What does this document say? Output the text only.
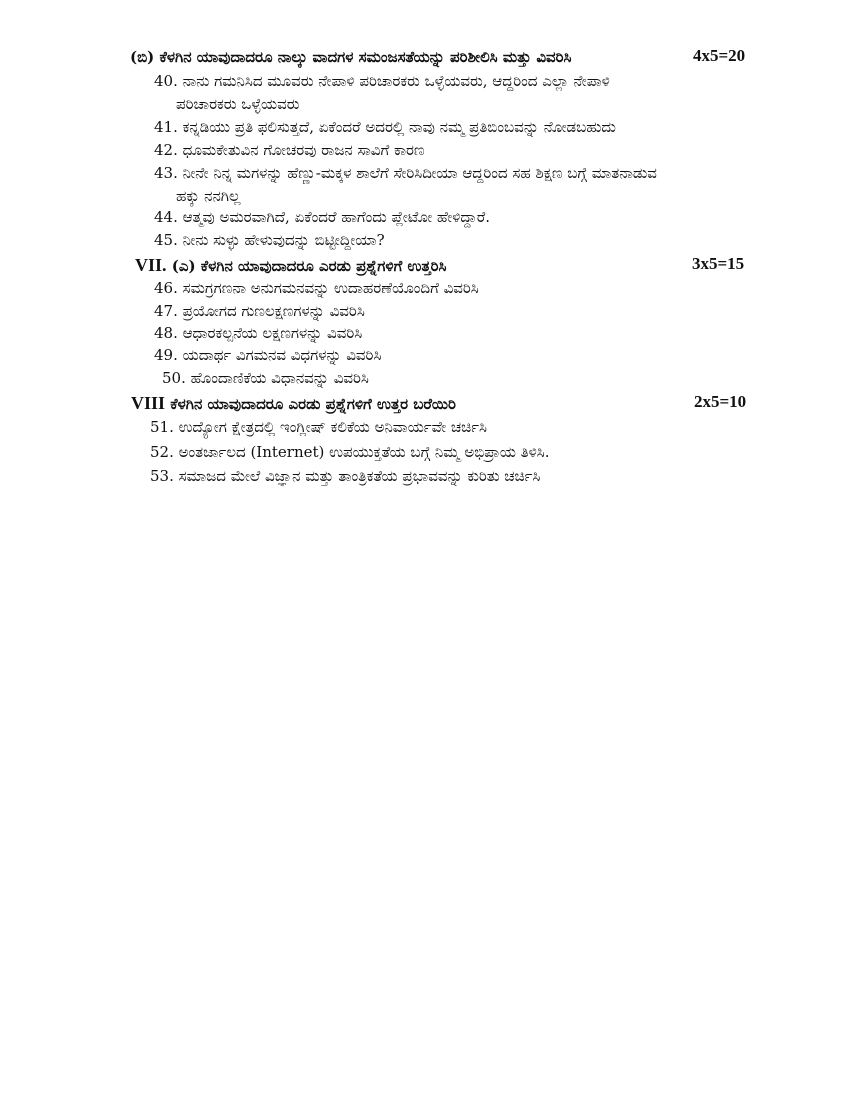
(ಬಿ) ಕೆಳಗಿನ ಯಾವುದಾದರೂ ನಾಲ್ಕು ವಾದಗಳ ಸಮಂಜಸತೆಯನ್ನು ಪರಿಶೀಲಿಸಿ ಮತ್ತು ವಿವರಿಸಿ	4x5=20
40. ನಾನು ಗಮನಿಸಿದ ಮೂವರು ನೇಪಾಳಿ ಪರಿಚಾರಕರು ಒಳ್ಳೆಯವರು, ಆದ್ದರಿಂದ ಎಲ್ಲಾ ನೇಪಾಳಿ
ಪರಿಚಾರಕರು ಒಳ್ಳೆಯವರು
41. ಕನ್ನಡಿಯು ಪ್ರತಿ ಫಲಿಸುತ್ತದೆ, ಏಕೆಂದರೆ ಅದರಲ್ಲಿ ನಾವು ನಮ್ಮ ಪ್ರತಿಬಿಂಬವನ್ನು ನೋಡಬಹುದು
42. ಧೂಮಕೇತುವಿನ ಗೋಚರವು ರಾಜನ ಸಾವಿಗೆ ಕಾರಣ
43. ನೀನೇ ನಿನ್ನ ಮಗಳನ್ನು ಹೆಣ್ಣು-ಮಕ್ಕಳ ಶಾಲೆಗೆ ಸೇರಿಸಿದೀಯಾ ಆದ್ದರಿಂದ ಸಹ ಶಿಕ್ಷಣ ಬಗ್ಗೆ ಮಾತನಾಡುವ
ಹಕ್ಕು ನನಗಿಲ್ಲ
44. ಆತ್ಮವು ಅಮರವಾಗಿದೆ, ಏಕೆಂದರೆ ಹಾಗೆಂದು ಪ್ಲೇಟೋ ಹೇಳಿದ್ದಾರೆ.
45. ನೀನು ಸುಳ್ಳು ಹೇಳುವುದನ್ನು ಬಿಟ್ಟೀದ್ದೀಯಾ?
VII. (ಎ) ಕೆಳಗಿನ ಯಾವುದಾದರೂ ಎರಡು ಪ್ರಶ್ನೆಗಳಿಗೆ ಉತ್ತರಿಸಿ	3x5=15
46. ಸಮಗ್ರಗಣನಾ ಅನುಗಮನವನ್ನು ಉದಾಹರಣೆಯೊಂದಿಗೆ ವಿವರಿಸಿ
47. ಪ್ರಯೋಗದ ಗುಣಲಕ್ಷಣಗಳನ್ನು ವಿವರಿಸಿ
48. ಆಧಾರಕಲ್ಪನೆಯ ಲಕ್ಷಣಗಳನ್ನು ವಿವರಿಸಿ
49. ಯದಾರ್ಥ ವಿಗಮನವ ವಿಧಗಳನ್ನು ವಿವರಿಸಿ
50. ಹೊಂದಾಣಿಕೆಯ ವಿಧಾನವನ್ನು ವಿವರಿಸಿ
VIII ಕೆಳಗಿನ ಯಾವುದಾದರೂ ಎರಡು ಪ್ರಶ್ನೆಗಳಿಗೆ ಉತ್ತರ ಬರೆಯಿರಿ	2x5=10
51. ಉದ್ಯೋಗ ಕ್ಷೇತ್ರದಲ್ಲಿ ಇಂಗ್ಲೀಷ್ ಕಲಿಕೆಯ ಅನಿವಾರ್ಯವೇ ಚರ್ಚಿಸಿ
52. ಅಂತರ್ಜಾಲದ (Internet) ಉಪಯುಕ್ತತೆಯ ಬಗ್ಗೆ ನಿಮ್ಮ ಅಭಿಪ್ರಾಯ ತಿಳಿಸಿ.
53. ಸಮಾಜದ ಮೇಲೆ ವಿಜ್ಞಾನ ಮತ್ತು ತಾಂತ್ರಿಕತೆಯ ಪ್ರಭಾವವನ್ನು ಕುರಿತು ಚರ್ಚಿಸಿ
